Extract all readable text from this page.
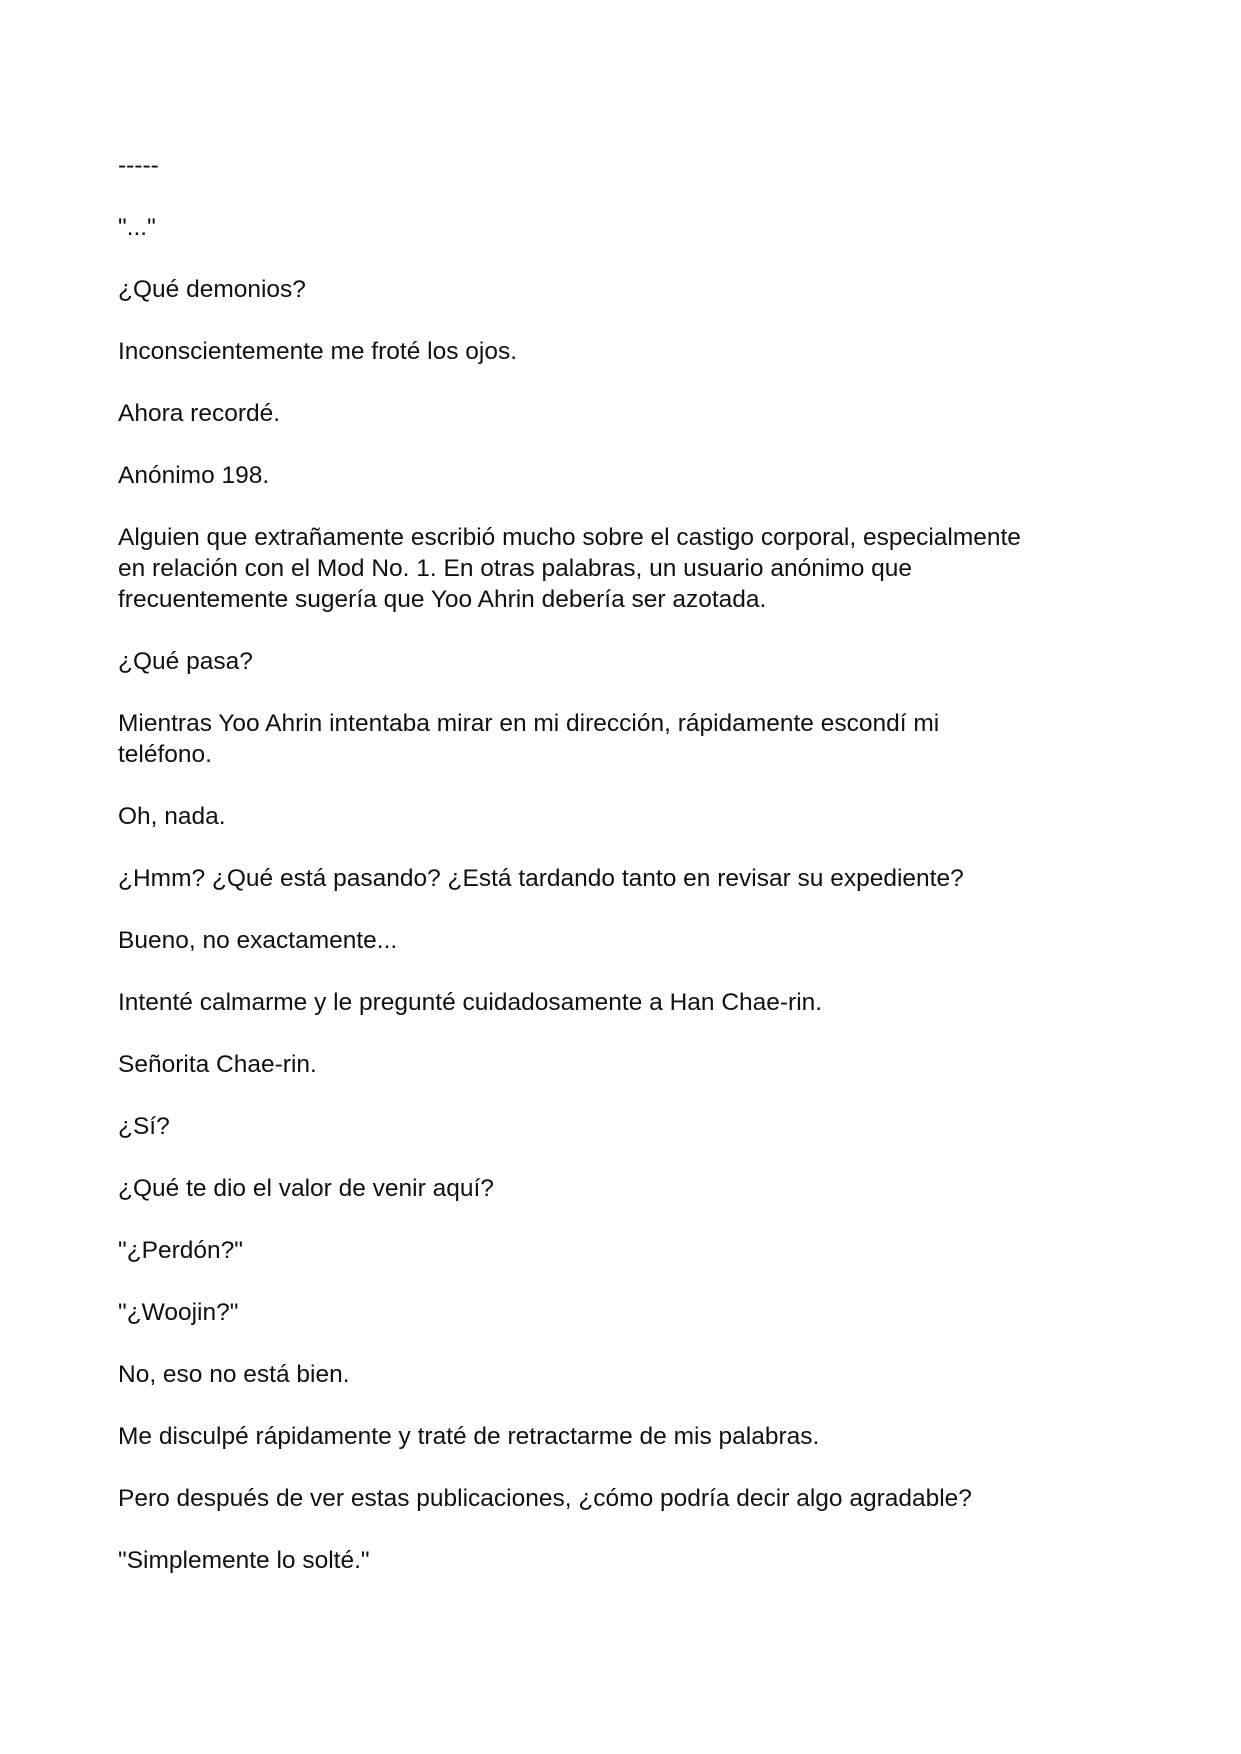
-----

"..."

¿Qué demonios?

Inconscientemente me froté los ojos.

Ahora recordé.

Anónimo 198.

Alguien que extrañamente escribió mucho sobre el castigo corporal, especialmente
en relación con el Mod No. 1. En otras palabras, un usuario anónimo que
frecuentemente sugería que Yoo Ahrin debería ser azotada.

¿Qué pasa?

Mientras Yoo Ahrin intentaba mirar en mi dirección, rápidamente escondí mi
teléfono.

Oh, nada.

¿Hmm? ¿Qué está pasando? ¿Está tardando tanto en revisar su expediente?

Bueno, no exactamente...

Intenté calmarme y le pregunté cuidadosamente a Han Chae-rin.

Señorita Chae-rin.

¿Sí?

¿Qué te dio el valor de venir aquí?

"¿Perdón?"

"¿Woojin?"

No, eso no está bien.

Me disculpé rápidamente y traté de retractarme de mis palabras.

Pero después de ver estas publicaciones, ¿cómo podría decir algo agradable?

"Simplemente lo solté."
